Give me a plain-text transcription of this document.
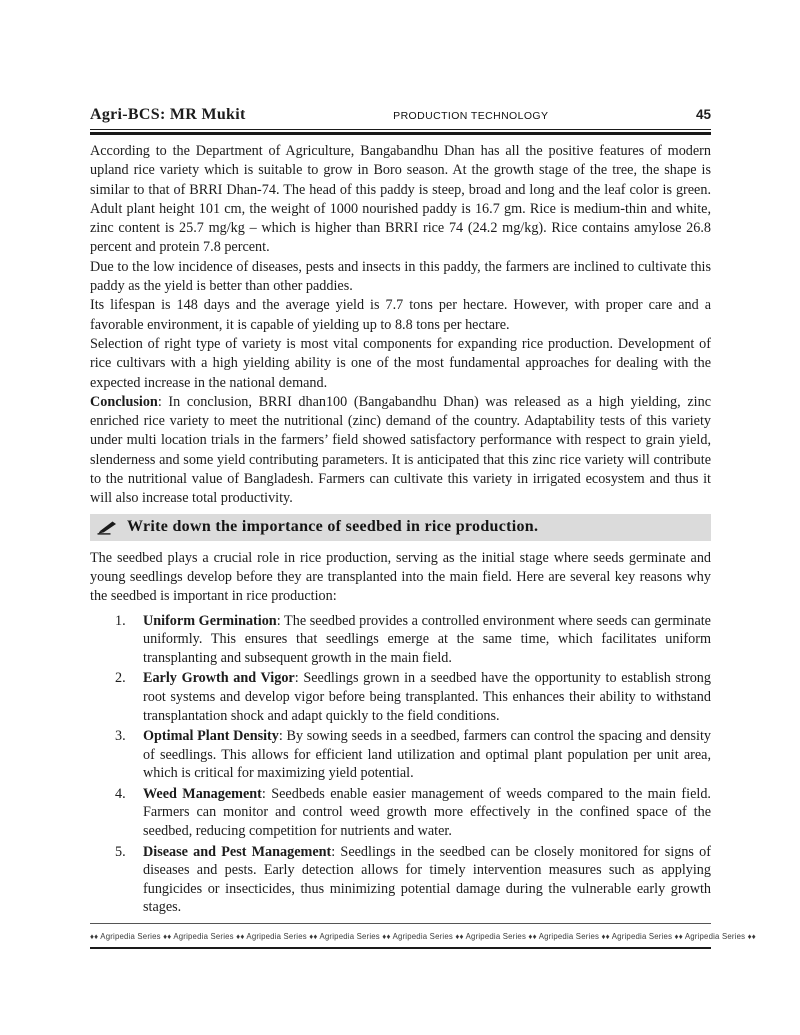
Agri-BCS: MR Mukit	PRODUCTION TECHNOLOGY	45

According to the Department of Agriculture, Bangabandhu Dhan has all the positive features of modern upland rice variety which is suitable to grow in Boro season. At the growth stage of the tree, the shape is similar to that of BRRI Dhan-74. The head of this paddy is steep, broad and long and the leaf color is green. Adult plant height 101 cm, the weight of 1000 nourished paddy is 16.7 gm. Rice is medium-thin and white, zinc content is 25.7 mg/kg – which is higher than BRRI rice 74 (24.2 mg/kg). Rice contains amylose 26.8 percent and protein 7.8 percent.

Due to the low incidence of diseases, pests and insects in this paddy, the farmers are inclined to cultivate this paddy as the yield is better than other paddies.

Its lifespan is 148 days and the average yield is 7.7 tons per hectare. However, with proper care and a favorable environment, it is capable of yielding up to 8.8 tons per hectare.

Selection of right type of variety is most vital components for expanding rice production. Development of rice cultivars with a high yielding ability is one of the most fundamental approaches for dealing with the expected increase in the national demand.

Conclusion: In conclusion, BRRI dhan100 (Bangabandhu Dhan) was released as a high yielding, zinc enriched rice variety to meet the nutritional (zinc) demand of the country. Adaptability tests of this variety under multi location trials in the farmers’ field showed satisfactory performance with respect to grain yield, slenderness and some yield contributing parameters. It is anticipated that this zinc rice variety will contribute to the nutritional value of Bangladesh. Farmers can cultivate this variety in irrigated ecosystem and thus it will also increase total productivity.

Write down the importance of seedbed in rice production.

The seedbed plays a crucial role in rice production, serving as the initial stage where seeds germinate and young seedlings develop before they are transplanted into the main field. Here are several key reasons why the seedbed is important in rice production:

1. Uniform Germination: The seedbed provides a controlled environment where seeds can germinate uniformly. This ensures that seedlings emerge at the same time, which facilitates uniform transplanting and subsequent growth in the main field.
2. Early Growth and Vigor: Seedlings grown in a seedbed have the opportunity to establish strong root systems and develop vigor before being transplanted. This enhances their ability to withstand transplantation shock and adapt quickly to the field conditions.
3. Optimal Plant Density: By sowing seeds in a seedbed, farmers can control the spacing and density of seedlings. This allows for efficient land utilization and optimal plant population per unit area, which is critical for maximizing yield potential.
4. Weed Management: Seedbeds enable easier management of weeds compared to the main field. Farmers can monitor and control weed growth more effectively in the confined space of the seedbed, reducing competition for nutrients and water.
5. Disease and Pest Management: Seedlings in the seedbed can be closely monitored for signs of diseases and pests. Early detection allows for timely intervention measures such as applying fungicides or insecticides, thus minimizing potential damage during the vulnerable early growth stages.
♦♦ Agripedia Series ♦♦ Agripedia Series ♦♦ Agripedia Series ♦♦ Agripedia Series ♦♦ Agripedia Series ♦♦ Agripedia Series ♦♦ Agripedia Series ♦♦ Agripedia Series ♦♦ Agripedia Series ♦♦
